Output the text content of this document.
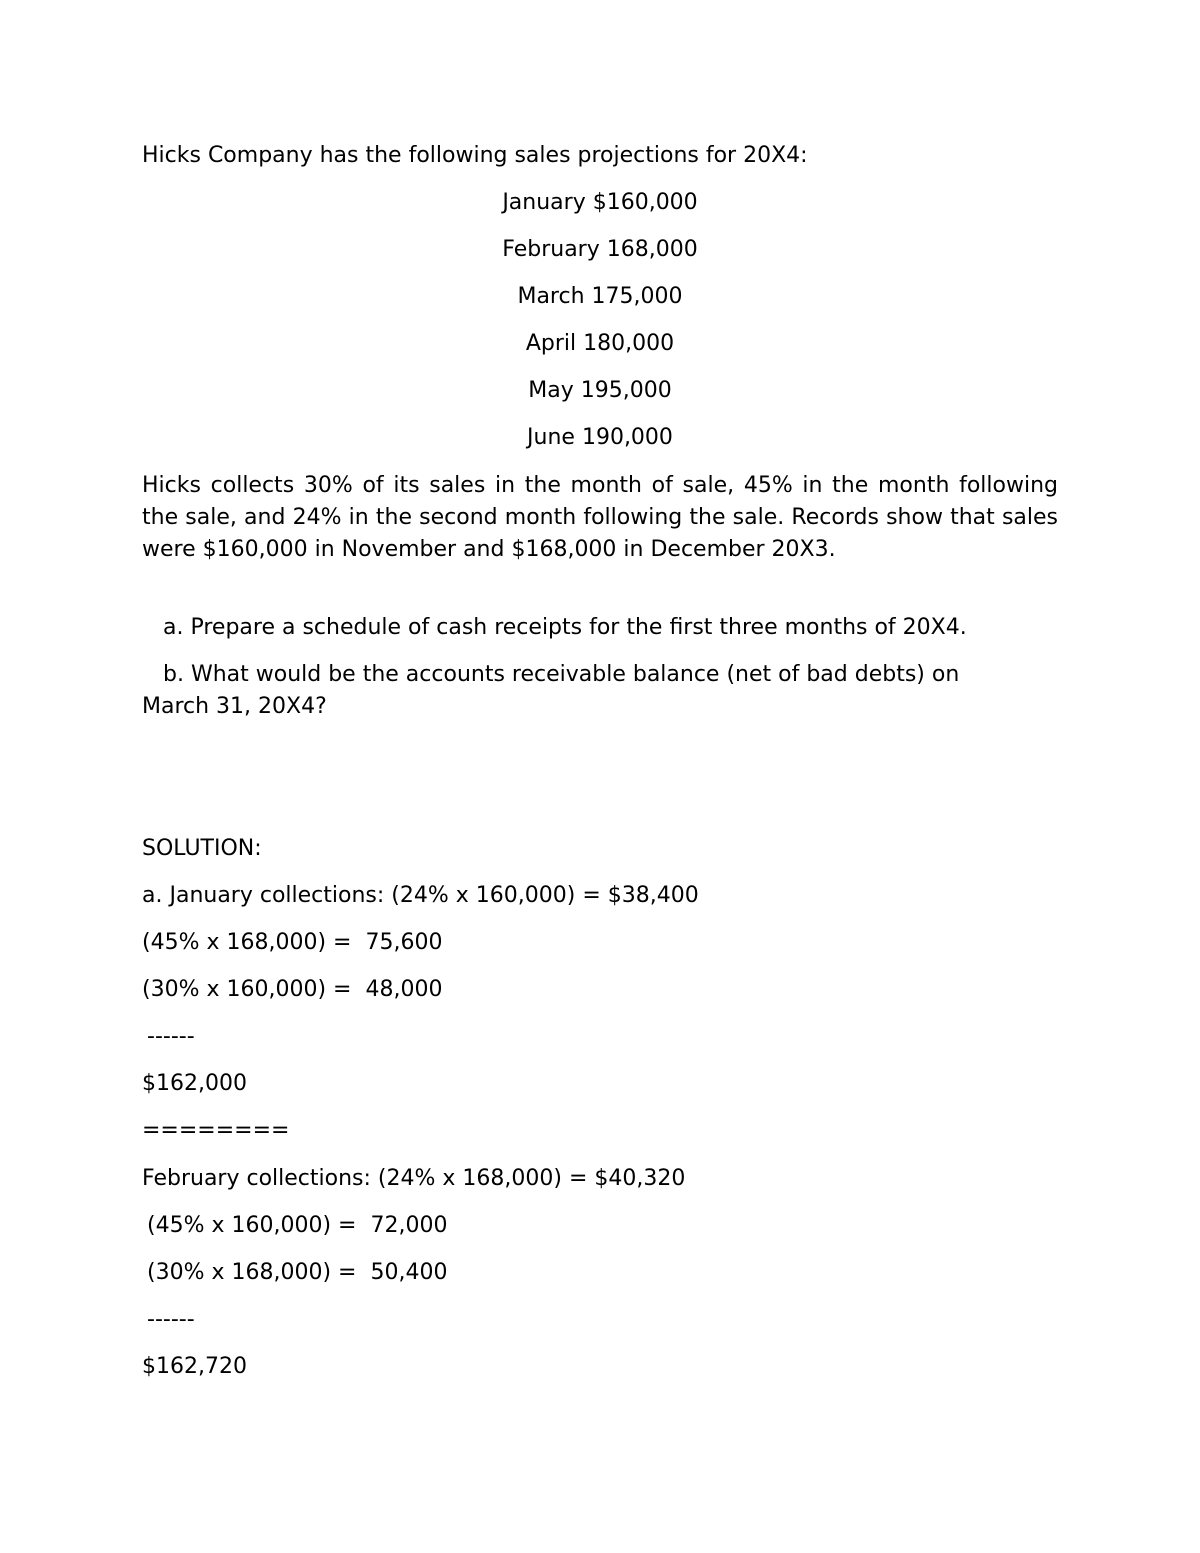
Hicks Company has the following sales projections for 20X4:
January $160,000
February 168,000
March 175,000
April 180,000
May 195,000
June 190,000
Hicks collects 30% of its sales in the month of sale, 45% in the month following the sale, and 24% in the second month following the sale. Records show that sales were $160,000 in November and $168,000 in December 20X3.
a. Prepare a schedule of cash receipts for the first three months of 20X4.
b. What would be the accounts receivable balance (net of bad debts) on
March 31, 20X4?
SOLUTION:
a. January collections: (24% x 160,000) = $38,400
(45% x 168,000) =  75,600
(30% x 160,000) =  48,000
------
$162,000
========
February collections: (24% x 168,000) = $40,320
(45% x 160,000) =  72,000
(30% x 168,000) =  50,400
------
$162,720
